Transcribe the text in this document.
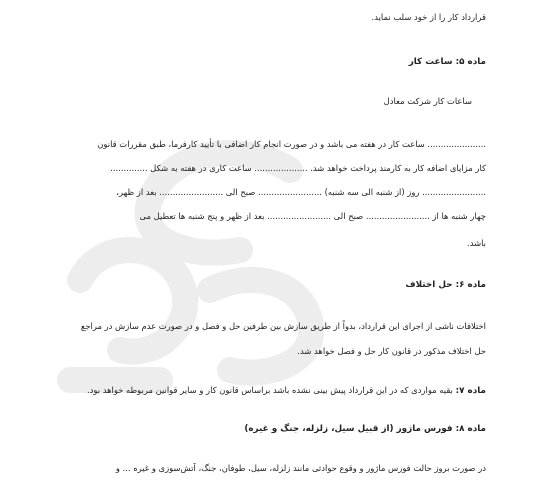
قرارداد کار را از خود سلب نماید.
ماده ۵: ساعت کار
ساعات کار شرکت معادل
...................... ساعت کار در هفته می باشد و در صورت انجام کار اضافی با تأیید کارفرما، طبق مقررات قانون
کار مزایای اضافه کار به کارمند پرداخت خواهد شد. .................... ساعت کاری در هفته به شکل ..............
........................ روز (از شنبه الی سه شنبه) ........................ صبح الی ........................ بعد از ظهر،
چهار شنبه ها از ........................ صبح الی ........................ بعد از ظهر و پنج شنبه ها تعطیل می
باشد.
ماده ۶: حل اختلاف
اختلافات ناشی از اجرای این قرارداد، بدواً از طریق سازش بین طرفین حل و فصل و در صورت عدم سازش در مراجع
حل اختلاف مذکور در قانون کار حل و فصل خواهد شد.
ماده ۷: بقیه مواردی که در این قرارداد پیش بینی نشده باشد براساس قانون کار و سایر قوانین مربوطه خواهد بود.
ماده ۸: فورس ماژور (از قبیل سیل، زلزله، جنگ و غیره)
در صورت بروز حالت فورس ماژور و وقوع حوادثی مانند زلزله، سیل، طوفان، جنگ، آتش‌سوزی و غیره ... و
